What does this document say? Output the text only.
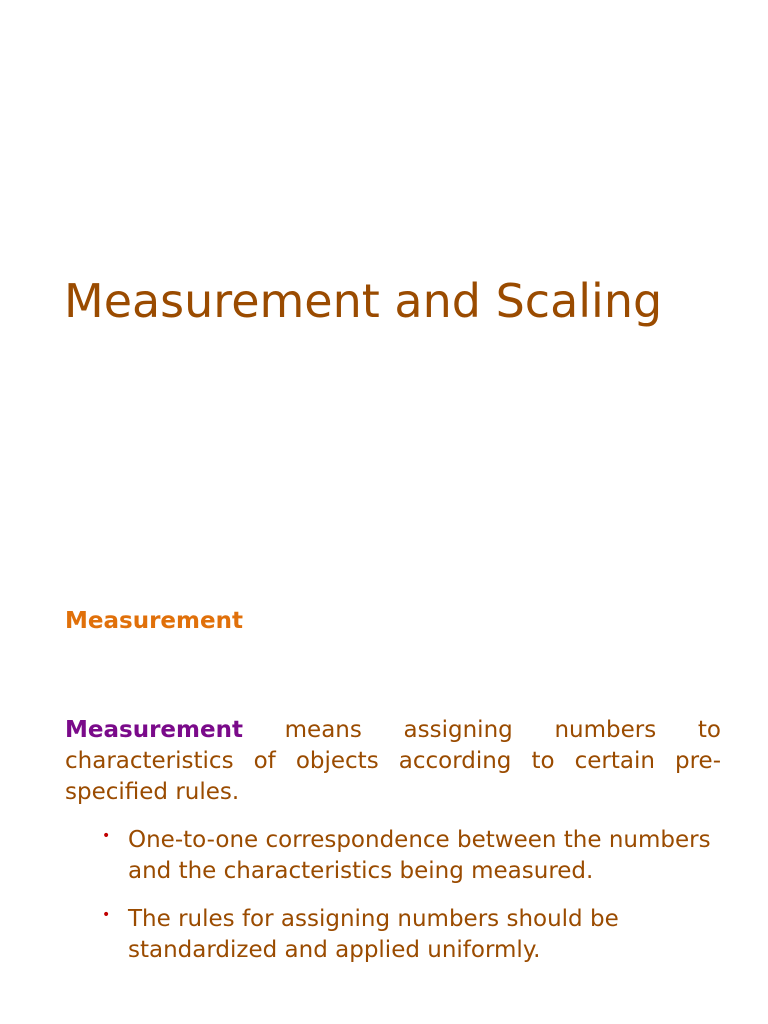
Measurement and Scaling
Measurement

Measurement means assigning numbers to characteristics of objects according to certain pre-specified rules.

• One-to-one correspondence between the numbers and the characteristics being measured.
• The rules for assigning numbers should be standardized and applied uniformly.
